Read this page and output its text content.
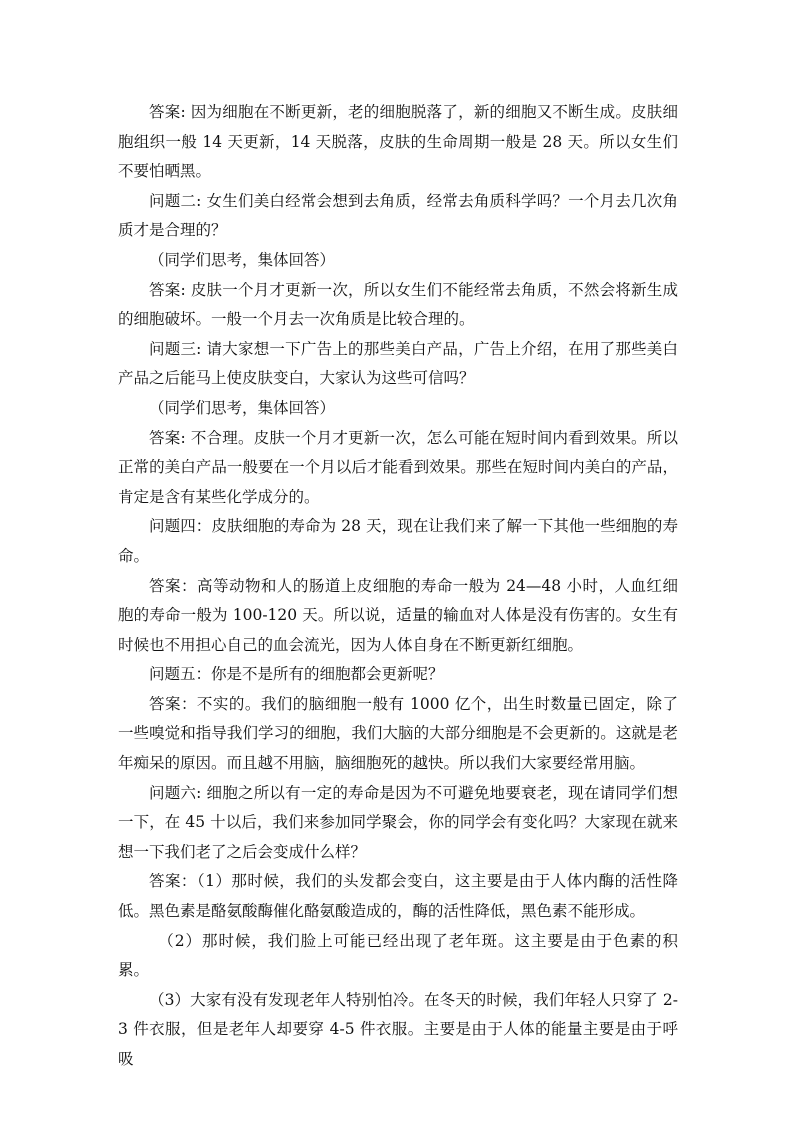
答案: 因为细胞在不断更新，老的细胞脱落了，新的细胞又不断生成。皮肤细胞组织一般 14 天更新，14 天脱落，皮肤的生命周期一般是 28 天。所以女生们不要怕晒黑。

问题二: 女生们美白经常会想到去角质，经常去角质科学吗？一个月去几次角质才是合理的？

（同学们思考，集体回答）

答案: 皮肤一个月才更新一次，所以女生们不能经常去角质，不然会将新生成的细胞破坏。一般一个月去一次角质是比较合理的。

问题三: 请大家想一下广告上的那些美白产品，广告上介绍，在用了那些美白产品之后能马上使皮肤变白，大家认为这些可信吗？

（同学们思考，集体回答）

答案: 不合理。皮肤一个月才更新一次，怎么可能在短时间内看到效果。所以正常的美白产品一般要在一个月以后才能看到效果。那些在短时间内美白的产品，肯定是含有某些化学成分的。

问题四：皮肤细胞的寿命为 28 天，现在让我们来了解一下其他一些细胞的寿命。

答案：高等动物和人的肠道上皮细胞的寿命一般为 24—48 小时，人血红细胞的寿命一般为 100-120 天。所以说，适量的输血对人体是没有伤害的。女生有时候也不用担心自己的血会流光，因为人体自身在不断更新红细胞。

问题五：你是不是所有的细胞都会更新呢？

答案：不实的。我们的脑细胞一般有 1000 亿个，出生时数量已固定，除了一些嗅觉和指导我们学习的细胞，我们大脑的大部分细胞是不会更新的。这就是老年痴呆的原因。而且越不用脑，脑细胞死的越快。所以我们大家要经常用脑。

问题六: 细胞之所以有一定的寿命是因为不可避免地要衰老，现在请同学们想一下，在 45 十以后，我们来参加同学聚会，你的同学会有变化吗？大家现在就来想一下我们老了之后会变成什么样？

答案：（1）那时候，我们的头发都会变白，这主要是由于人体内酶的活性降低。黑色素是酪氨酸酶催化酪氨酸造成的，酶的活性降低，黑色素不能形成。

（2）那时候，我们脸上可能已经出现了老年斑。这主要是由于色素的积累。

（3）大家有没有发现老年人特别怕冷。在冬天的时候，我们年轻人只穿了 2-3 件衣服，但是老年人却要穿 4-5 件衣服。主要是由于人体的能量主要是由于呼吸
